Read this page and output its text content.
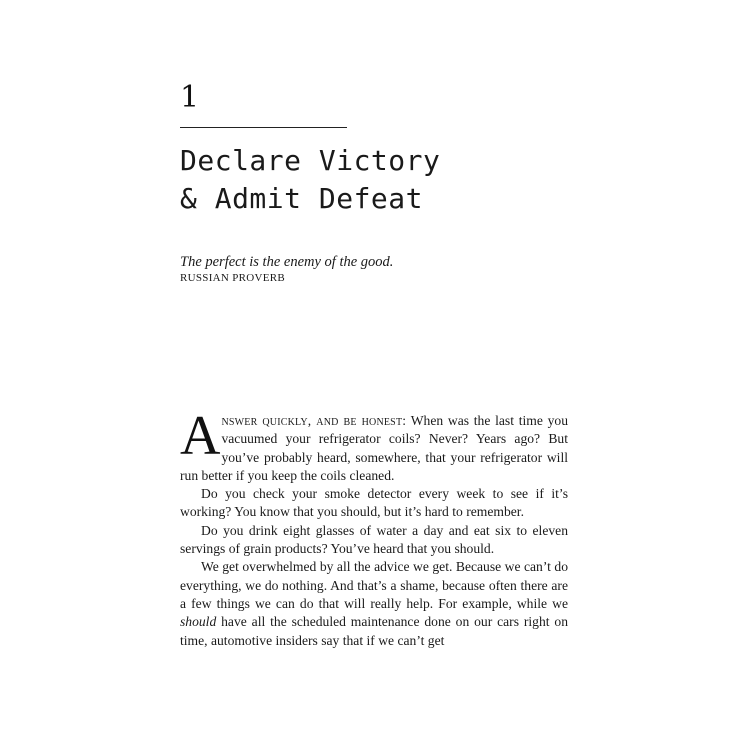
1
Declare Victory
& Admit Defeat
The perfect is the enemy of the good.
RUSSIAN PROVERB

Answer quickly, and be honest: When was the last time you vacuumed your refrigerator coils? Never? Years ago? But you’ve probably heard, somewhere, that your refrigerator will run better if you keep the coils cleaned.

Do you check your smoke detector every week to see if it’s working? You know that you should, but it’s hard to remember.

Do you drink eight glasses of water a day and eat six to eleven servings of grain products? You’ve heard that you should.

We get overwhelmed by all the advice we get. Because we can’t do everything, we do nothing. And that’s a shame, because often there are a few things we can do that will really help. For example, while we should have all the scheduled maintenance done on our cars right on time, automotive insiders say that if we can’t get
